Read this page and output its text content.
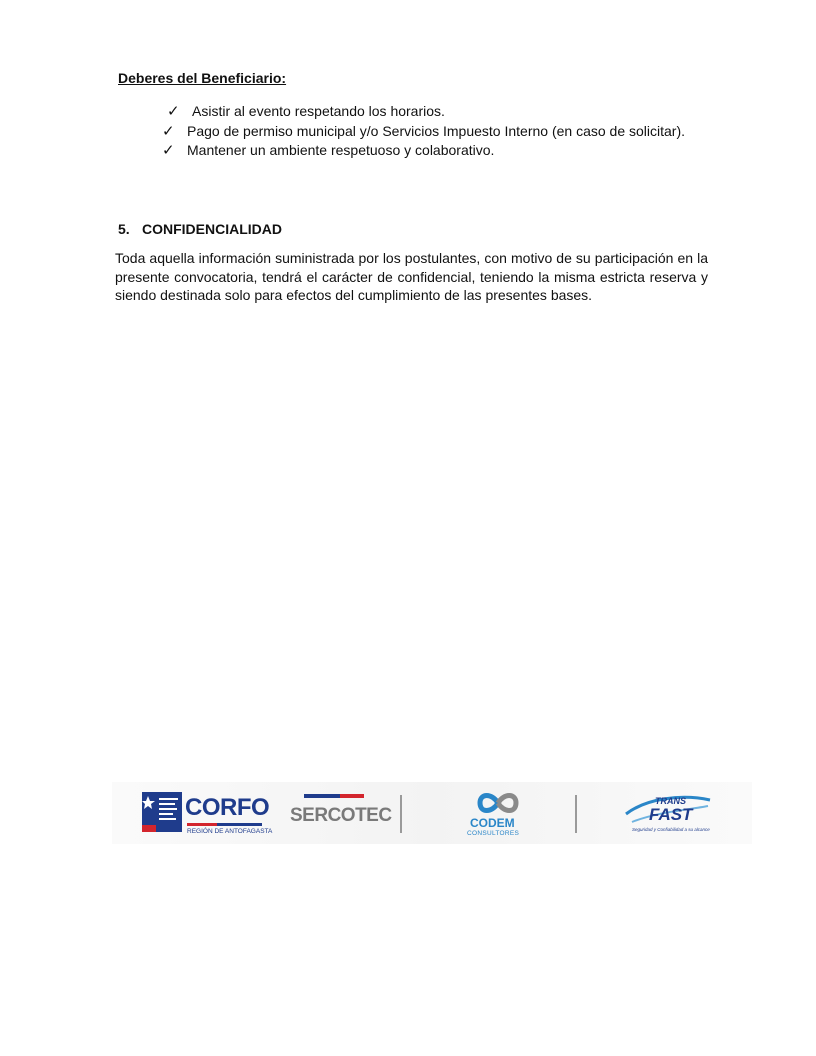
Deberes del Beneficiario:
✓ Asistir al evento respetando los horarios.
✓ Pago de permiso municipal y/o Servicios Impuesto Interno (en caso de solicitar).
✓ Mantener un ambiente respetuoso y colaborativo.
5. CONFIDENCIALIDAD

Toda aquella información suministrada por los postulantes, con motivo de su participación en la presente convocatoria, tendrá el carácter de confidencial, teniendo la misma estricta reserva y siendo destinada solo para efectos del cumplimiento de las presentes bases.

CORFO
REGIÓN DE ANTOFAGASTA
SERCOTEC	CODEM
CONSULTORES
TRANS
FAST
Seguridad y Confiabilidad a su alcance
